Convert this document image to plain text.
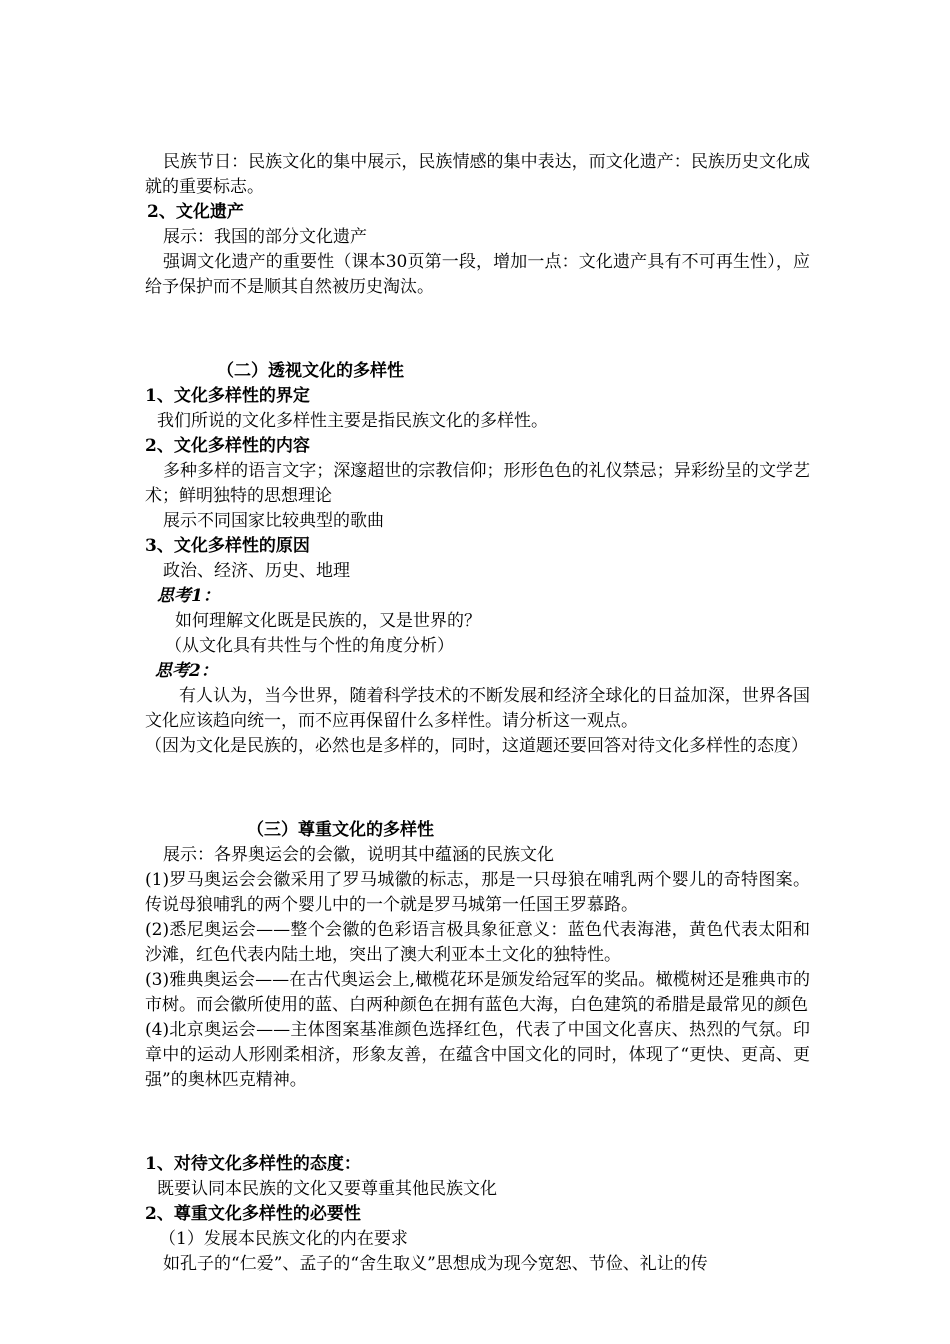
民族节日：民族文化的集中展示，民族情感的集中表达，而文化遗产：民族历史文化成就的重要标志。

2、文化遗产

展示：我国的部分文化遗产

强调文化遗产的重要性（课本30页第一段，增加一点：文化遗产具有不可再生性），应给予保护而不是顺其自然被历史淘汰。

（二）透视文化的多样性

1、文化多样性的界定

我们所说的文化多样性主要是指民族文化的多样性。

2、文化多样性的内容

多种多样的语言文字；深邃超世的宗教信仰；形形色色的礼仪禁忌；异彩纷呈的文学艺术；鲜明独特的思想理论

展示不同国家比较典型的歌曲

3、文化多样性的原因

政治、经济、历史、地理

思考1：

如何理解文化既是民族的，又是世界的？

（从文化具有共性与个性的角度分析）

思考2：

有人认为，当今世界，随着科学技术的不断发展和经济全球化的日益加深，世界各国文化应该趋向统一，而不应再保留什么多样性。请分析这一观点。

（因为文化是民族的，必然也是多样的，同时，这道题还要回答对待文化多样性的态度）

（三）尊重文化的多样性

展示：各界奥运会的会徽，说明其中蕴涵的民族文化

(1)罗马奥运会会徽采用了罗马城徽的标志，那是一只母狼在哺乳两个婴儿的奇特图案。传说母狼哺乳的两个婴儿中的一个就是罗马城第一任国王罗慕路。

(2)悉尼奥运会——整个会徽的色彩语言极具象征意义：蓝色代表海港，黄色代表太阳和沙滩，红色代表内陆土地，突出了澳大利亚本土文化的独特性。

(3)雅典奥运会——在古代奥运会上,橄榄花环是颁发给冠军的奖品。橄榄树还是雅典市的市树。而会徽所使用的蓝、白两种颜色在拥有蓝色大海，白色建筑的希腊是最常见的颜色

(4)北京奥运会——主体图案基准颜色选择红色，代表了中国文化喜庆、热烈的气氛。印章中的运动人形刚柔相济，形象友善，在蕴含中国文化的同时，体现了“更快、更高、更强”的奥林匹克精神。

1、对待文化多样性的态度：

既要认同本民族的文化又要尊重其他民族文化

2、尊重文化多样性的必要性

（1）发展本民族文化的内在要求

如孔子的“仁爱”、孟子的“舍生取义”思想成为现今宽恕、节俭、礼让的传
